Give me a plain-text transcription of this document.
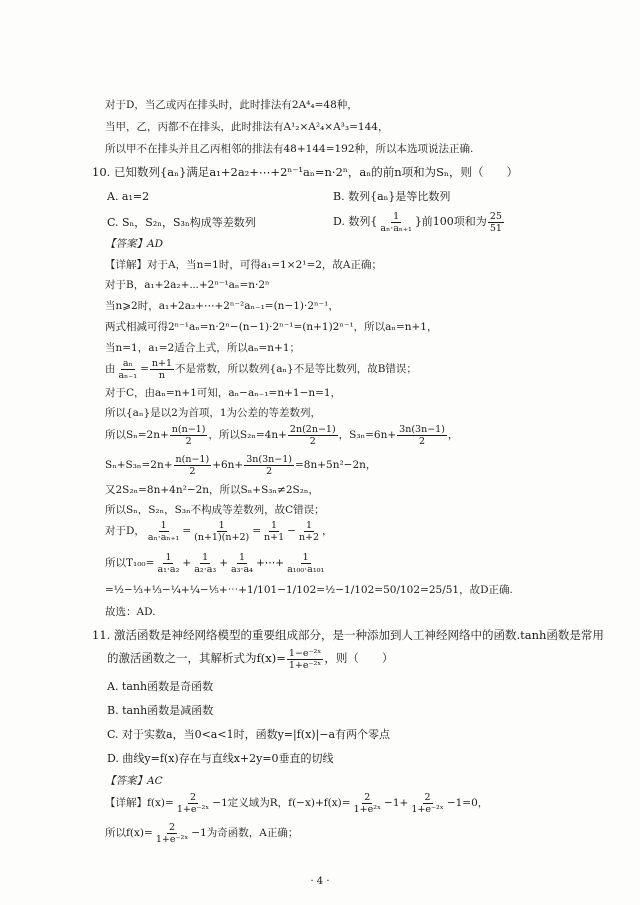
对于D，当乙或丙在排头时，此时排法有2A⁴₄=48种，
当甲，乙，丙都不在排头，此时排法有A¹₂×A²₄×A³₃=144，
所以甲不在排头并且乙丙相邻的排法有48+144=192种，所以本选项说法正确.
10. 已知数列{aₙ}满足a₁+2a₂+⋯+2ⁿ⁻¹aₙ=n·2ⁿ，aₙ的前n项和为Sₙ，则（　　）
A. a₁=2	B. 数列{aₙ}是等比数列
C. Sₙ，S₂ₙ，S₃ₙ构成等差数列	D. 数列{ $\frac{1}{\text{aₙ·aₙ₊₁}}$ }前100项和为 $\frac{25}{51}$
【答案】AD
【详解】对于A，当n=1时，可得a₁=1×2¹=2，故A正确；
对于B，a₁+2a₂+⋯+2ⁿ⁻¹aₙ=n·2ⁿ
当n⩾2时，a₁+2a₂+⋯+2ⁿ⁻²aₙ₋₁=(n−1)·2ⁿ⁻¹，
两式相减可得2ⁿ⁻¹aₙ=n·2ⁿ−(n−1)·2ⁿ⁻¹=(n+1)2ⁿ⁻¹，所以aₙ=n+1，
当n=1，a₁=2适合上式，所以aₙ=n+1；
由 $\frac{\text{aₙ}}{\text{aₙ₋₁}} = \frac{n+1}{n}$ 不是常数，所以数列{aₙ}不是等比数列，故B错误；
对于C，由aₙ=n+1可知，aₙ−aₙ₋₁=n+1−n=1，
所以{aₙ}是以2为首项，1为公差的等差数列，
所以$S_n=2n+ \frac{n(n-1)}{2}$ ，所以$S_{2n}=4n+ \frac{2n(2n-1)}{2}$ ，$S_{3n}=6n+ \frac{3n(3n-1)}{2}$ ，
$S_n+S_{3n}=2n+ \frac{n(n-1)}{2} +6n+ \frac{3n(3n-1)}{2} =8n+5n^2-2n$，
又2S₂ₙ=8n+4n²−2n，所以Sₙ+S₃ₙ≠2S₂ₙ，
所以Sₙ，S₂ₙ，S₃ₙ不构成等差数列，故C错误；
对于D， $\frac{1}{\text{aₙ·aₙ₊₁}} = \frac{1}{(n+1)(n+2)} = \frac{1}{n+1} - \frac{1}{n+2}$ ，
所以$T_{100}= \frac{1}{\text{a₁·a₂}} + \frac{1}{\text{a₂·a₃}} + \frac{1}{\text{a₃·a₄}}$ +⋯+ $\frac{1}{\text{a₁₀₀·a₁₀₁}}$
=½−⅓+⅓−¼+¼−⅕+⋯+1/101−1/102=½−1/102=50/102=25/51，故D正确.
故选：AD.
11. 激活函数是神经网络模型的重要组成部分，是一种添加到人工神经网络中的函数.tanh函数是常用
的激活函数之一，其解析式为$f(x)= \frac{\text{1−e⁻²ˣ}}{\text{1+e⁻²ˣ}}$ ，则（　　）
A. tanh函数是奇函数
B. tanh函数是减函数
C. 对于实数a，当0<a<1时，函数y=|f(x)|−a有两个零点
D. 曲线y=f(x)存在与直线x+2y=0垂直的切线
【答案】AC
【详解】$f(x)= \frac{2}{\text{1+e⁻²ˣ}} -1$定义域为R，$f(-x)+f(x)= \frac{2}{\text{1+e²ˣ}} -1+ \frac{2}{\text{1+e⁻²ˣ}} -1=0$，
所以$f(x)= \frac{2}{\text{1+e⁻²ˣ}} -1$为奇函数，A正确；
· 4 ·
